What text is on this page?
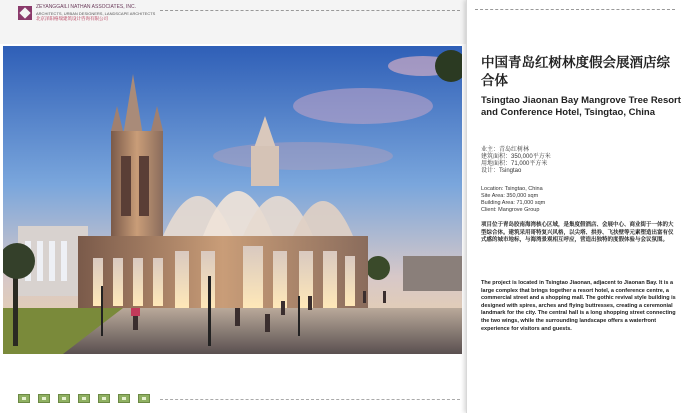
ZEYANGGAILI NATHAN ASSOCIATES, INC.
ARCHITECTS, URBAN DESIGNERS, LANDSCAPE ARCHITECTS
北京泽阳格瑞建筑设计咨询有限公司
中国青岛红树林度假会展酒店综合体
Tsingtao Jiaonan Bay Mangrove Tree Resort and Conference Hotel, Tsingtao, China
业主：青岛红树林
建筑面积：350,000平方米
用地面积：71,000平方米
设计：Tsingtao
Location: Tsingtao, China
Site Area: 350,000 sqm
Building Area: 71,000 sqm
Client: Mangrove Group
项目位于青岛胶南海湾核心区域，是集度假酒店、会展中心、商业街于一体的大型综合体。建筑采用哥特复兴风格，以尖塔、拱券、飞扶壁等元素塑造出富有仪式感的城市地标，与海湾景观相互呼应，营造出独特的度假体验与会议氛围。
The project is located in Tsingtao Jiaonan, adjacent to Jiaonan Bay. It is a large complex that brings together a resort hotel, a conference centre, a commercial street and a shopping mall. The gothic revival style building is designed with spires, arches and flying buttresses, creating a ceremonial landmark for the city. The central hall is a long shopping street connecting the two wings, while the surrounding landscape offers a waterfront experience for visitors and guests.
